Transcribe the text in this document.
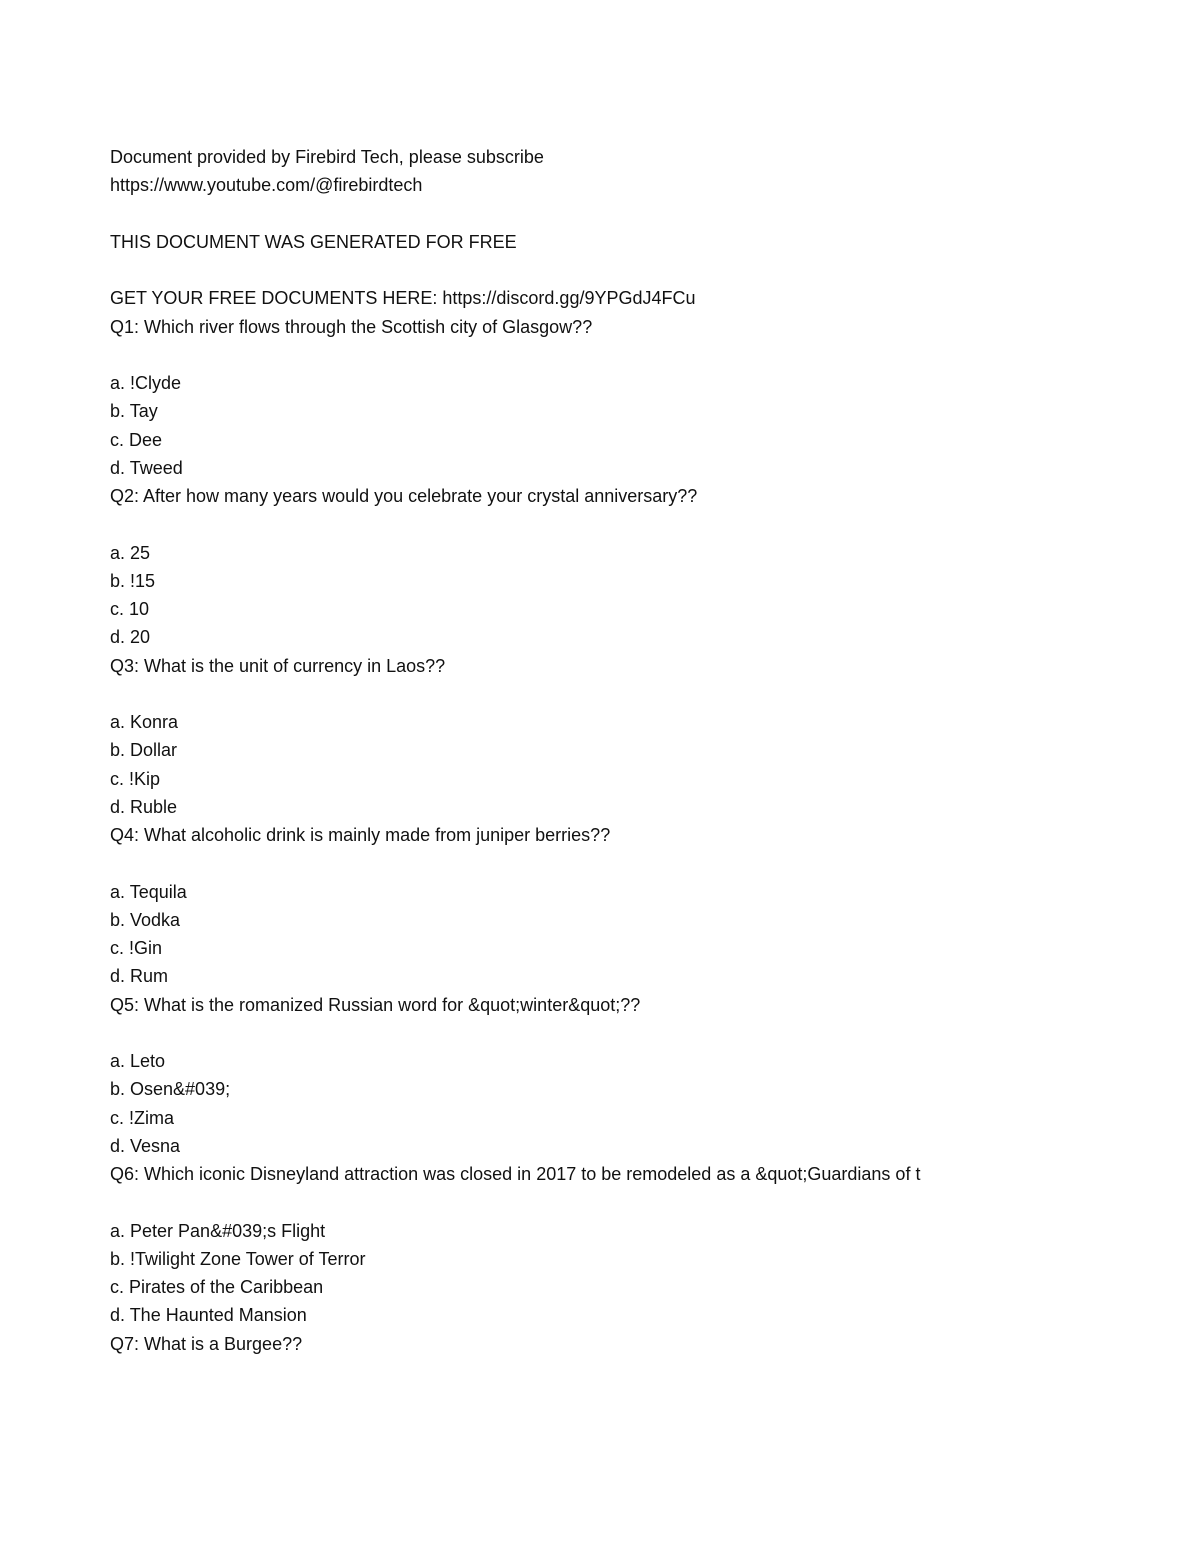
Document provided by Firebird Tech, please subscribe
https://www.youtube.com/@firebirdtech
THIS DOCUMENT WAS GENERATED FOR FREE
GET YOUR FREE DOCUMENTS HERE: https://discord.gg/9YPGdJ4FCu
Q1: Which river flows through the Scottish city of Glasgow??
a. !Clyde
b. Tay
c. Dee
d. Tweed
Q2: After how many years would you celebrate your crystal anniversary??
a. 25
b. !15
c. 10
d. 20
Q3: What is the unit of currency in Laos??
a. Konra
b. Dollar
c. !Kip
d. Ruble
Q4: What alcoholic drink is mainly made from juniper berries??
a. Tequila
b. Vodka
c. !Gin
d. Rum
Q5: What is the romanized Russian word for &quot;winter&quot;??
a. Leto
b. Osen&#039;
c. !Zima
d. Vesna
Q6: Which iconic Disneyland attraction was closed in 2017 to be remodeled as a &quot;Guardians of t
a. Peter Pan&#039;s Flight
b. !Twilight Zone Tower of Terror
c. Pirates of the Caribbean
d. The Haunted Mansion
Q7: What is a Burgee??
